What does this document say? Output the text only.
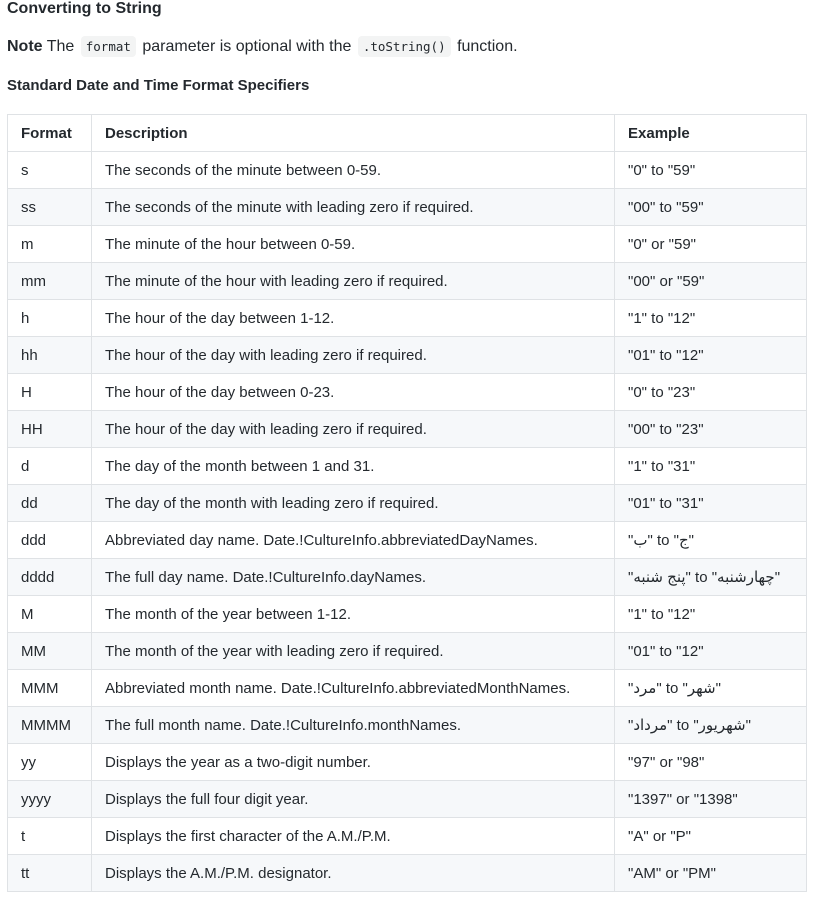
Converting to String

Note The format parameter is optional with the .toString() function.

Standard Date and Time Format Specifiers
Format	Description	Example
s	The seconds of the minute between 0-59.	"0" to "59"
ss	The seconds of the minute with leading zero if required.	"00" to "59"
m	The minute of the hour between 0-59.	"0" or "59"
mm	The minute of the hour with leading zero if required.	"00" or "59"
h	The hour of the day between 1-12.	"1" to "12"
hh	The hour of the day with leading zero if required.	"01" to "12"
H	The hour of the day between 0-23.	"0" to "23"
HH	The hour of the day with leading zero if required.	"00" to "23"
d	The day of the month between 1 and 31.	"1" to "31"
dd	The day of the month with leading zero if required.	"01" to "31"
ddd	Abbreviated day name. Date.!CultureInfo.abbreviatedDayNames.	"ج" to "ب"
dddd	The full day name. Date.!CultureInfo.dayNames.	"چهارشنبه" to "پنج شنبه"
M	The month of the year between 1-12.	"1" to "12"
MM	The month of the year with leading zero if required.	"01" to "12"
MMM	Abbreviated month name. Date.!CultureInfo.abbreviatedMonthNames.	"شهر" to "مرد"
MMMM	The full month name. Date.!CultureInfo.monthNames.	"شهریور" to "مرداد"
yy	Displays the year as a two-digit number.	"97" or "98"
yyyy	Displays the full four digit year.	"1397" or "1398"
t	Displays the first character of the A.M./P.M.	"A" or "P"
tt	Displays the A.M./P.M. designator.	"AM" or "PM"
